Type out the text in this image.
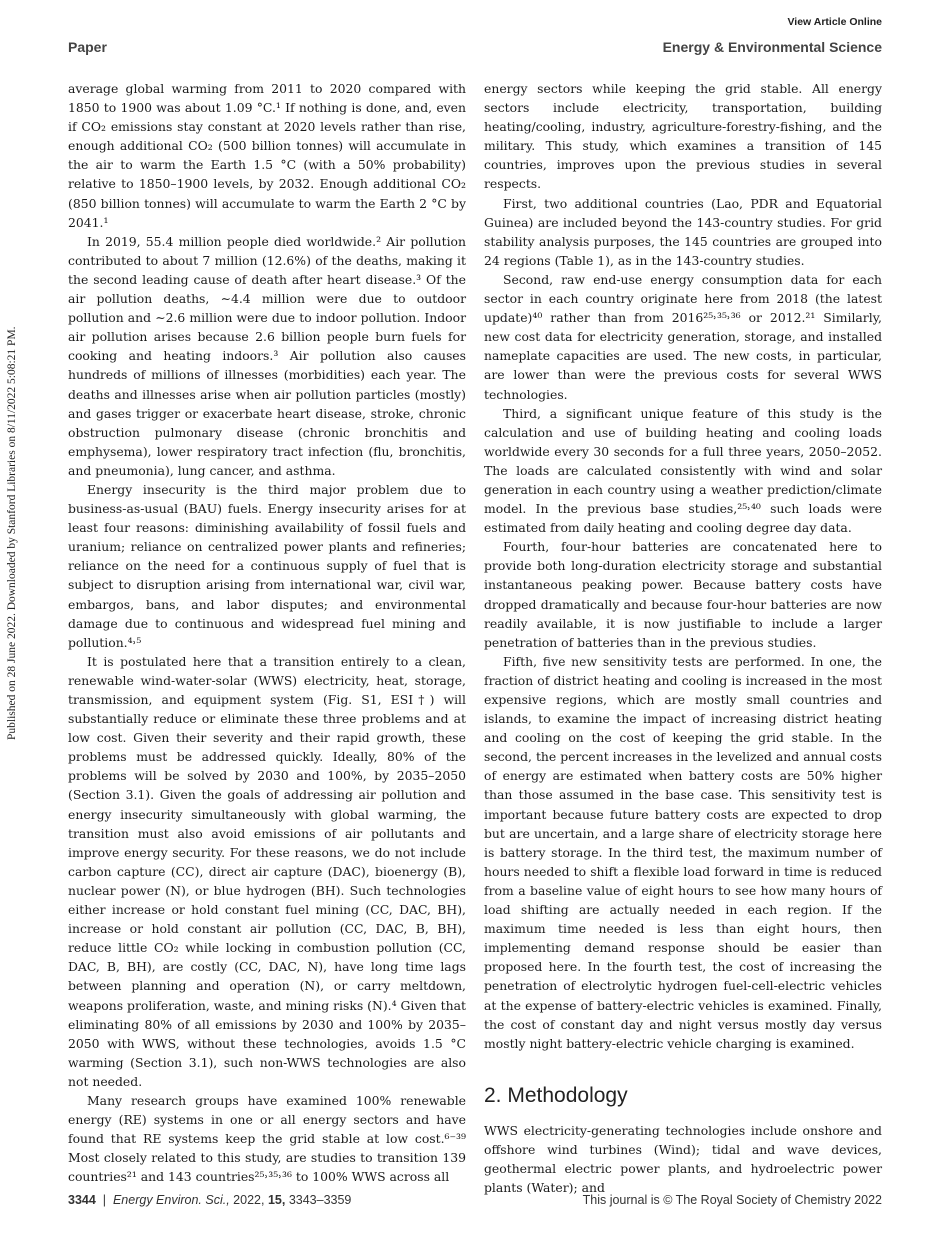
View Article Online
Paper	Energy & Environmental Science
Published on 28 June 2022. Downloaded by Stanford Libraries on 8/11/2022 5:08:21 PM.

average global warming from 2011 to 2020 compared with 1850 to 1900 was about 1.09 °C.¹ If nothing is done, and, even if CO₂ emissions stay constant at 2020 levels rather than rise, enough additional CO₂ (500 billion tonnes) will accumulate in the air to warm the Earth 1.5 °C (with a 50% probability) relative to 1850–1900 levels, by 2032. Enough additional CO₂ (850 billion tonnes) will accumulate to warm the Earth 2 °C by 2041.¹

In 2019, 55.4 million people died worldwide.² Air pollution contributed to about 7 million (12.6%) of the deaths, making it the second leading cause of death after heart disease.³ Of the air pollution deaths, ∼4.4 million were due to outdoor pollution and ∼2.6 million were due to indoor pollution. Indoor air pollution arises because 2.6 billion people burn fuels for cooking and heating indoors.³ Air pollution also causes hundreds of millions of illnesses (morbidities) each year. The deaths and illnesses arise when air pollution particles (mostly) and gases trigger or exacerbate heart disease, stroke, chronic obstruction pulmonary disease (chronic bronchitis and emphysema), lower respiratory tract infection (flu, bronchitis, and pneumonia), lung cancer, and asthma.

Energy insecurity is the third major problem due to business-as-usual (BAU) fuels. Energy insecurity arises for at least four reasons: diminishing availability of fossil fuels and uranium; reliance on centralized power plants and refineries; reliance on the need for a continuous supply of fuel that is subject to disruption arising from international war, civil war, embargos, bans, and labor disputes; and environmental damage due to continuous and widespread fuel mining and pollution.⁴˒⁵

It is postulated here that a transition entirely to a clean, renewable wind-water-solar (WWS) electricity, heat, storage, transmission, and equipment system (Fig. S1, ESI†) will substantially reduce or eliminate these three problems and at low cost. Given their severity and their rapid growth, these problems must be addressed quickly. Ideally, 80% of the problems will be solved by 2030 and 100%, by 2035–2050 (Section 3.1). Given the goals of addressing air pollution and energy insecurity simultaneously with global warming, the transition must also avoid emissions of air pollutants and improve energy security. For these reasons, we do not include carbon capture (CC), direct air capture (DAC), bioenergy (B), nuclear power (N), or blue hydrogen (BH). Such technologies either increase or hold constant fuel mining (CC, DAC, BH), increase or hold constant air pollution (CC, DAC, B, BH), reduce little CO₂ while locking in combustion pollution (CC, DAC, B, BH), are costly (CC, DAC, N), have long time lags between planning and operation (N), or carry meltdown, weapons proliferation, waste, and mining risks (N).⁴ Given that eliminating 80% of all emissions by 2030 and 100% by 2035–2050 with WWS, without these technologies, avoids 1.5 °C warming (Section 3.1), such non-WWS technologies are also not needed.

Many research groups have examined 100% renewable energy (RE) systems in one or all energy sectors and have found that RE systems keep the grid stable at low cost.⁶⁻³⁹ Most closely related to this study, are studies to transition 139 countries²¹ and 143 countries²⁵˒³⁵˒³⁶ to 100% WWS across all

energy sectors while keeping the grid stable. All energy sectors include electricity, transportation, building heating/cooling, industry, agriculture-forestry-fishing, and the military. This study, which examines a transition of 145 countries, improves upon the previous studies in several respects.

First, two additional countries (Lao, PDR and Equatorial Guinea) are included beyond the 143-country studies. For grid stability analysis purposes, the 145 countries are grouped into 24 regions (Table 1), as in the 143-country studies.

Second, raw end-use energy consumption data for each sector in each country originate here from 2018 (the latest update)⁴⁰ rather than from 2016²⁵˒³⁵˒³⁶ or 2012.²¹ Similarly, new cost data for electricity generation, storage, and installed nameplate capacities are used. The new costs, in particular, are lower than were the previous costs for several WWS technologies.

Third, a significant unique feature of this study is the calculation and use of building heating and cooling loads worldwide every 30 seconds for a full three years, 2050–2052. The loads are calculated consistently with wind and solar generation in each country using a weather prediction/climate model. In the previous base studies,²⁵˒⁴⁰ such loads were estimated from daily heating and cooling degree day data.

Fourth, four-hour batteries are concatenated here to provide both long-duration electricity storage and substantial instantaneous peaking power. Because battery costs have dropped dramatically and because four-hour batteries are now readily available, it is now justifiable to include a larger penetration of batteries than in the previous studies.

Fifth, five new sensitivity tests are performed. In one, the fraction of district heating and cooling is increased in the most expensive regions, which are mostly small countries and islands, to examine the impact of increasing district heating and cooling on the cost of keeping the grid stable. In the second, the percent increases in the levelized and annual costs of energy are estimated when battery costs are 50% higher than those assumed in the base case. This sensitivity test is important because future battery costs are expected to drop but are uncertain, and a large share of electricity storage here is battery storage. In the third test, the maximum number of hours needed to shift a flexible load forward in time is reduced from a baseline value of eight hours to see how many hours of load shifting are actually needed in each region. If the maximum time needed is less than eight hours, then implementing demand response should be easier than proposed here. In the fourth test, the cost of increasing the penetration of electrolytic hydrogen fuel-cell-electric vehicles at the expense of battery-electric vehicles is examined. Finally, the cost of constant day and night versus mostly day versus mostly night battery-electric vehicle charging is examined.

2. Methodology

WWS electricity-generating technologies include onshore and offshore wind turbines (Wind); tidal and wave devices, geothermal electric power plants, and hydroelectric power plants (Water); and

3344 | Energy Environ. Sci., 2022, 15, 3343–3359	This journal is © The Royal Society of Chemistry 2022
